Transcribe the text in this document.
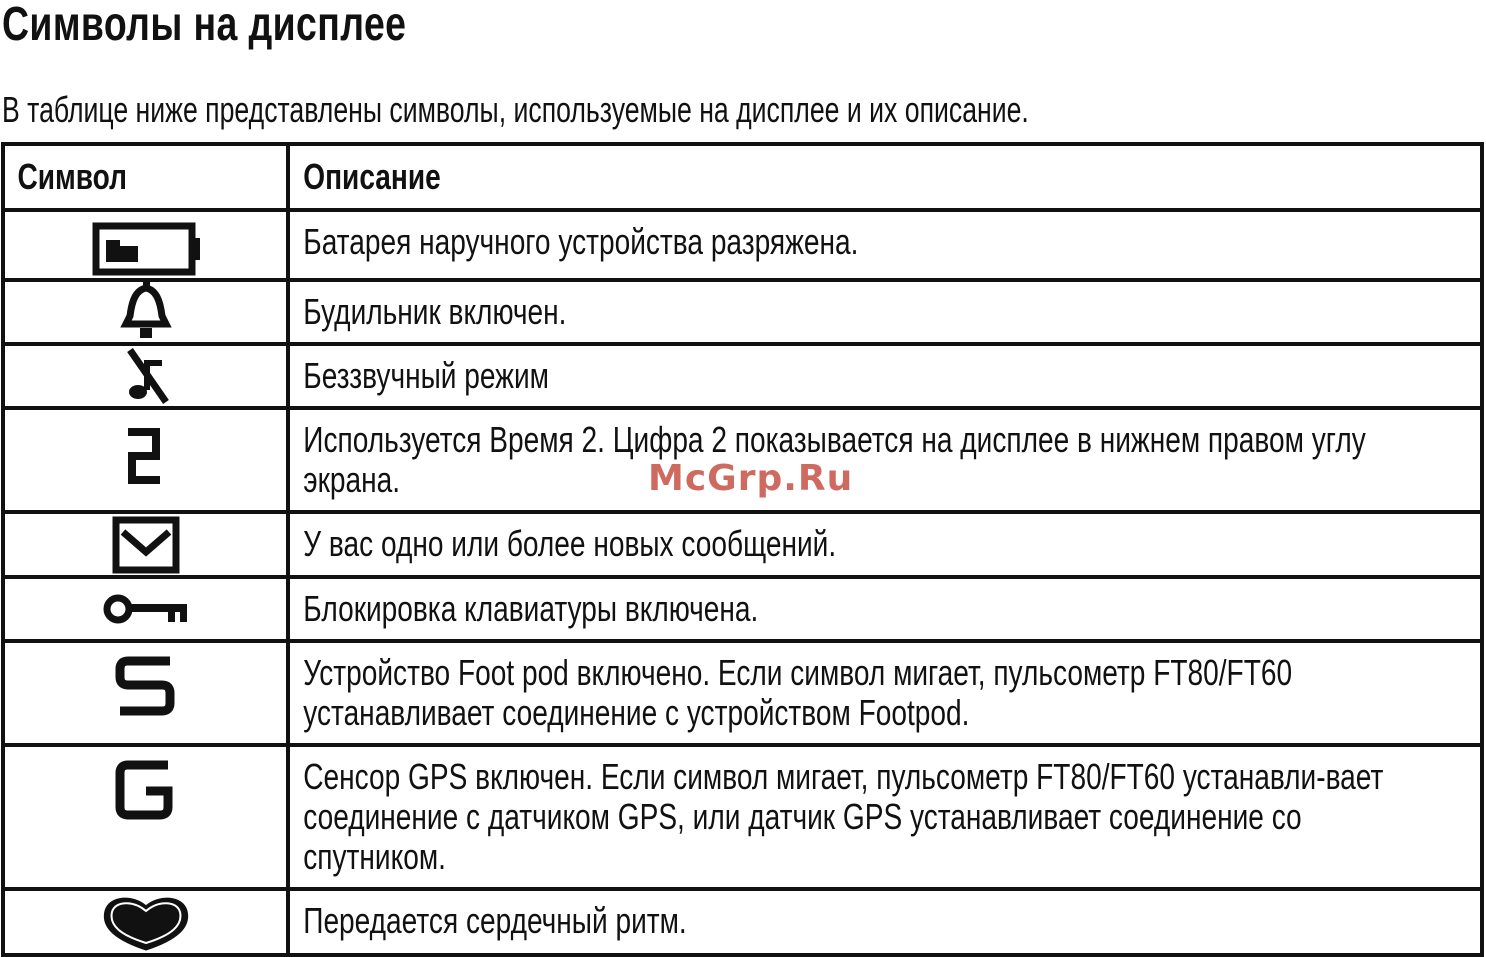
Символы на дисплее

В таблице ниже представлены символы, используемые на дисплее и их описание.

Символ	Описание

Батарея наручного устройства разряжена.

Будильник включен.

Беззвучный режим

Используется Время 2. Цифра 2 показывается на дисплее в нижнем правом углу экрана.

У вас одно или более новых сообщений.

Блокировка клавиатуры включена.

Устройство Foot pod включено. Если символ мигает, пульсометр FT80/FT60 устанавливает соединение с устройством Footpod.

Сенсор GPS включен. Если символ мигает, пульсометр FT80/FT60 устанавли-вает соединение с датчиком GPS, или датчик GPS устанавливает соединение со спутником.

Передается сердечный ритм.
McGrp.Ru
